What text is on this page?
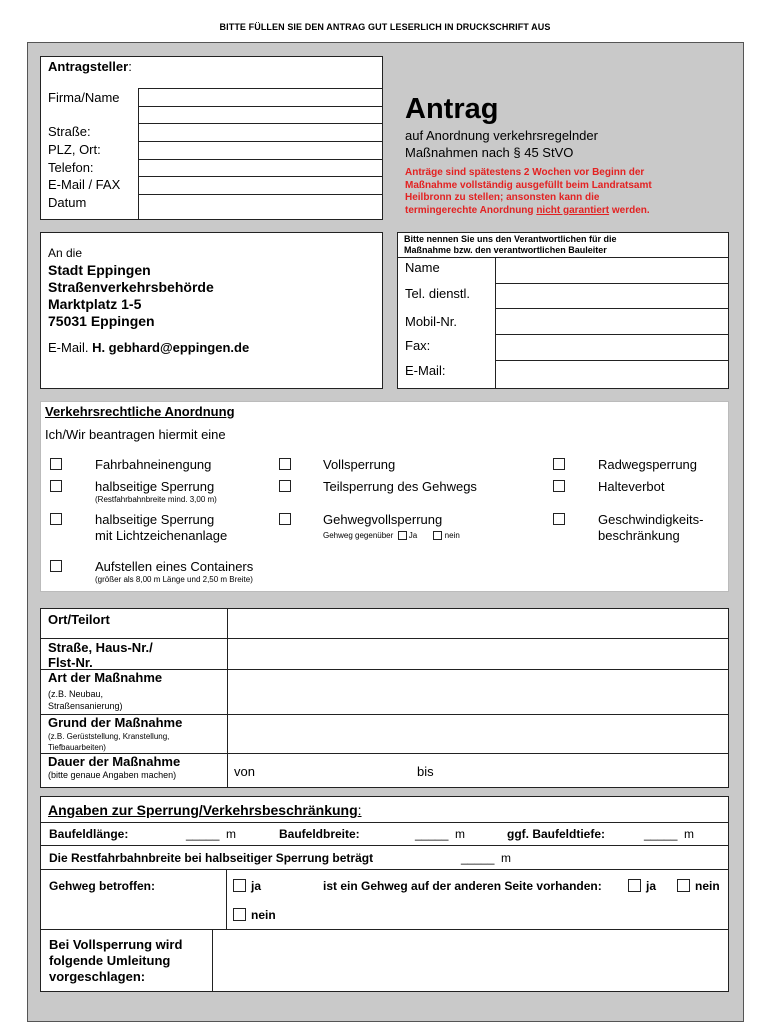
BITTE FÜLLEN SIE DEN ANTRAG GUT LESERLICH IN DRUCKSCHRIFT AUS
Antragsteller:
Firma/Name
Straße:
PLZ, Ort:
Telefon:
E-Mail / FAX
Datum
Antrag
auf Anordnung verkehrsregelnder
Maßnahmen nach § 45 StVO
Anträge sind spätestens 2 Wochen vor Beginn der
Maßnahme vollständig ausgefüllt beim Landratsamt
Heilbronn zu stellen; ansonsten kann die
termingerechte Anordnung nicht garantiert werden.
An die
Stadt Eppingen
Straßenverkehrsbehörde
Marktplatz 1-5
75031 Eppingen
E-Mail. H. gebhard@eppingen.de
Bitte nennen Sie uns den Verantwortlichen für die
Maßnahme bzw. den verantwortlichen Bauleiter
Name
Tel. dienstl.
Mobil-Nr.
Fax:
E-Mail:
Verkehrsrechtliche Anordnung
Ich/Wir beantragen hiermit eine
Fahrbahneinengung	Vollsperrung	Radwegsperrung
halbseitige Sperrung
(Restfahrbahnbreite mind. 3,00 m)
Teilsperrung des Gehwegs	Halteverbot
halbseitige Sperrung
mit Lichtzeichenanlage
Gehwegvollsperrung
Gehweg gegenüber Ja	nein
Geschwindigkeits-
beschränkung
Aufstellen eines Containers
(größer als 8,00 m Länge und 2,50 m Breite)
Ort/Teilort
Straße, Haus-Nr./
Flst-Nr.
Art der Maßnahme
(z.B. Neubau,
Straßensanierung)
Grund der Maßnahme
(z.B. Gerüststellung, Kranstellung,
Tiefbauarbeiten)
Dauer der Maßnahme
(bitte genaue Angaben machen)	von	bis
Angaben zur Sperrung/Verkehrsbeschränkung:
Baufeldlänge:	_____ m	Baufeldbreite:	_____ m	ggf. Baufeldtiefe:	_____ m
Die Restfahrbahnbreite bei halbseitiger Sperrung beträgt	_____ m
Gehweg betroffen:	ja	ist ein Gehweg auf der anderen Seite vorhanden:	ja	nein
nein
Bei Vollsperrung wird
folgende Umleitung
vorgeschlagen:
